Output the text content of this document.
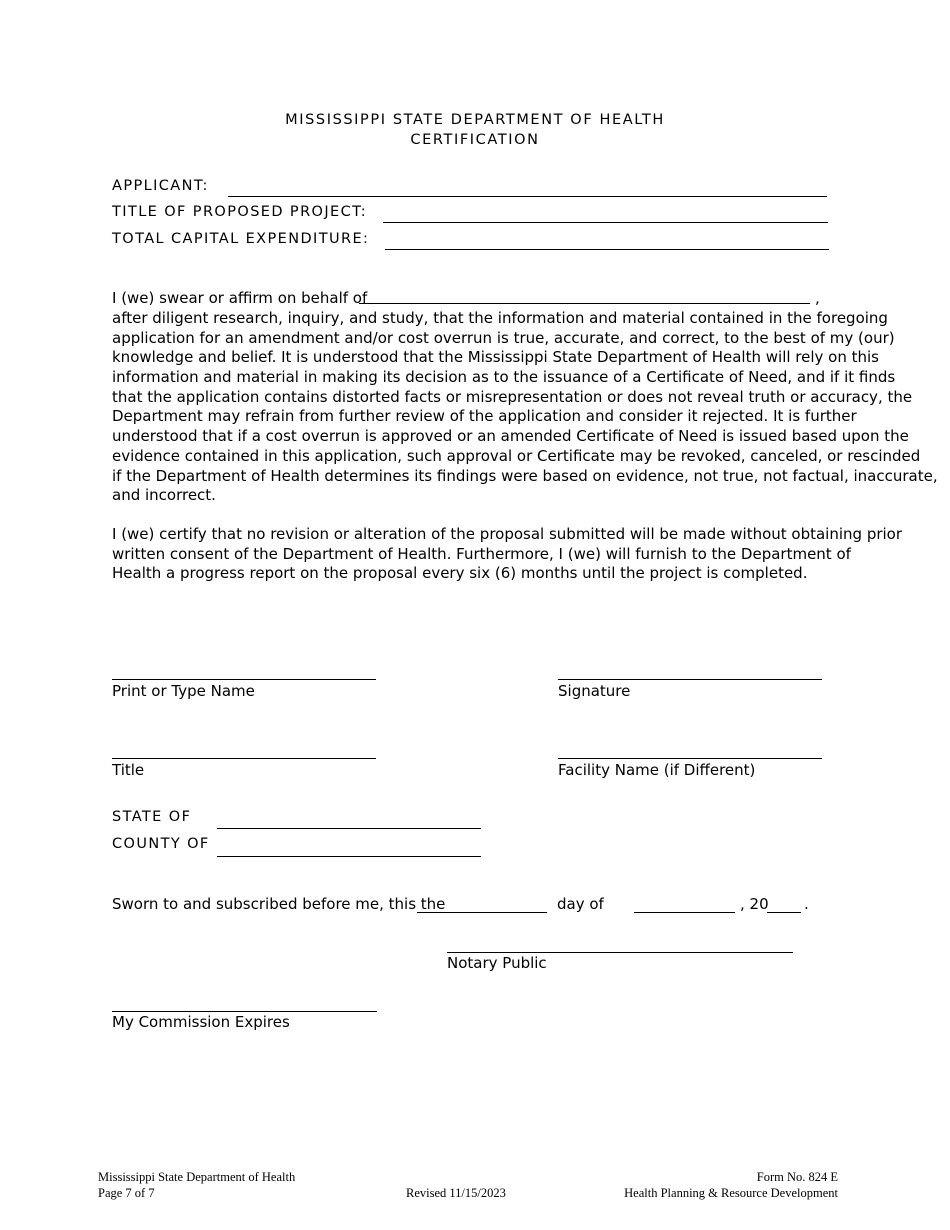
MISSISSIPPI STATE DEPARTMENT OF HEALTH
CERTIFICATION
APPLICANT:
TITLE OF PROPOSED PROJECT:
TOTAL CAPITAL EXPENDITURE:
I (we) swear or affirm on behalf of	,
after diligent research, inquiry, and study, that the information and material contained in the foregoing
application for an amendment and/or cost overrun is true, accurate, and correct, to the best of my (our)
knowledge and belief. It is understood that the Mississippi State Department of Health will rely on this
information and material in making its decision as to the issuance of a Certificate of Need, and if it finds
that the application contains distorted facts or misrepresentation or does not reveal truth or accuracy, the
Department may refrain from further review of the application and consider it rejected. It is further
understood that if a cost overrun is approved or an amended Certificate of Need is issued based upon the
evidence contained in this application, such approval or Certificate may be revoked, canceled, or rescinded
if the Department of Health determines its findings were based on evidence, not true, not factual, inaccurate,
and incorrect.
I (we) certify that no revision or alteration of the proposal submitted will be made without obtaining prior
written consent of the Department of Health. Furthermore, I (we) will furnish to the Department of
Health a progress report on the proposal every six (6) months until the project is completed.
Print or Type Name	Signature
Title	Facility Name (if Different)
STATE OF
COUNTY OF
Sworn to and subscribed before me, this the	day of	, 20 .
Notary Public
My Commission Expires
Mississippi State Department of Health
Page 7 of 7	Revised 11/15/2023
Form No. 824 E
Health Planning & Resource Development
